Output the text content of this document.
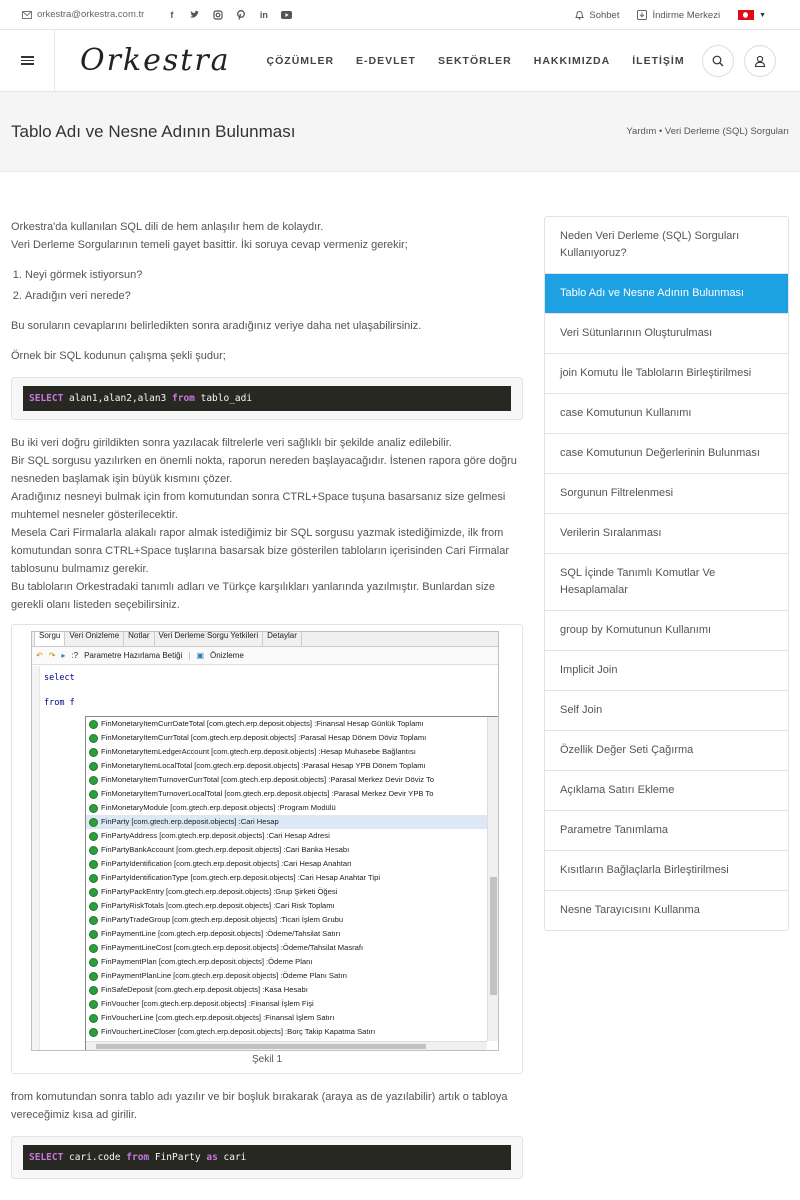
orkestra@orkestra.com.tr	f	in	Sohbet	İndirme Merkezi	▼
Orkestra	ÇÖZÜMLER E-DEVLET SEKTÖRLER HAKKIMIZDA İLETİŞİM
Tablo Adı ve Nesne Adının Bulunması	Yardım • Veri Derleme (SQL) Sorguları

Orkestra'da kullanılan SQL dili de hem anlaşılır hem de kolaydır.
Veri Derleme Sorgularının temeli gayet basittir. İki soruya cevap vermeniz gerekir;

1. Neyi görmek istiyorsun?
2. Aradığın veri nerede?

Bu soruların cevaplarını belirledikten sonra aradığınız veriye daha net ulaşabilirsiniz.

Örnek bir SQL kodunun çalışma şekli şudur;

SELECT alan1,alan2,alan3 from tablo_adi

Bu iki veri doğru girildikten sonra yazılacak filtrelerle veri sağlıklı bir şekilde analiz edilebilir.
Bir SQL sorgusu yazılırken en önemli nokta, raporun nereden başlayacağıdır. İstenen rapora göre doğru nesneden başlamak işin büyük kısmını çözer.
Aradığınız nesneyi bulmak için from komutundan sonra CTRL+Space tuşuna basarsanız size gelmesi muhtemel nesneler gösterilecektir.
Mesela Cari Firmalarla alakalı rapor almak istediğimiz bir SQL sorgusu yazmak istediğimizde, ilk from komutundan sonra CTRL+Space tuşlarına basarsak bize gösterilen tabloların içerisinden Cari Firmalar tablosunu bulmamız gerekir.
Bu tabloların Orkestradaki tanımlı adları ve Türkçe karşılıkları yanlarında yazılmıştır. Bunlardan size gerekli olanı listeden seçebilirsiniz.

Sorgu	Veri Önizleme	Notlar	Veri Derleme Sorgu Yetkileri	Detaylar
↶ ↷ ▸ :? Parametre Hazırlama Betiği | ▣ Önizleme
select
from f
FinMonetaryItemCurrDateTotal [com.gtech.erp.deposit.objects] :Finansal Hesap Günlük Toplamı
FinMonetaryItemCurrTotal [com.gtech.erp.deposit.objects] :Parasal Hesap Dönem Döviz Toplamı
FinMonetaryItemLedgerAccount [com.gtech.erp.deposit.objects] :Hesap Muhasebe Bağlantısı
FinMonetaryItemLocalTotal [com.gtech.erp.deposit.objects] :Parasal Hesap YPB Dönem Toplamı
FinMonetaryItemTurnoverCurrTotal [com.gtech.erp.deposit.objects] :Parasal Merkez Devir Döviz To
FinMonetaryItemTurnoverLocalTotal [com.gtech.erp.deposit.objects] :Parasal Merkez Devir YPB To
FinMonetaryModule [com.gtech.erp.deposit.objects] :Program Modülü
FinParty [com.gtech.erp.deposit.objects] :Cari Hesap
FinPartyAddress [com.gtech.erp.deposit.objects] :Cari Hesap Adresi
FinPartyBankAccount [com.gtech.erp.deposit.objects] :Cari Banka Hesabı
FinPartyIdentification [com.gtech.erp.deposit.objects] :Cari Hesap Anahtarı
FinPartyIdentificationType [com.gtech.erp.deposit.objects] :Cari Hesap Anahtar Tipi
FinPartyPackEntry [com.gtech.erp.deposit.objects] :Grup Şirketi Öğesi
FinPartyRiskTotals [com.gtech.erp.deposit.objects] :Cari Risk Toplamı
FinPartyTradeGroup [com.gtech.erp.deposit.objects] :Ticari İşlem Grubu
FinPaymentLine [com.gtech.erp.deposit.objects] :Ödeme/Tahsilat Satırı
FinPaymentLineCost [com.gtech.erp.deposit.objects] :Ödeme/Tahsilat Masrafı
FinPaymentPlan [com.gtech.erp.deposit.objects] :Ödeme Planı
FinPaymentPlanLine [com.gtech.erp.deposit.objects] :Ödeme Planı Satırı
FinSafeDeposit [com.gtech.erp.deposit.objects] :Kasa Hesabı
FinVoucher [com.gtech.erp.deposit.objects] :Finansal İşlem Fişi
FinVoucherLine [com.gtech.erp.deposit.objects] :Finansal İşlem Satırı
FinVoucherLineCloser [com.gtech.erp.deposit.objects] :Borç Takip Kapatma Satırı
Şekil 1

from komutundan sonra tablo adı yazılır ve bir boşluk bırakarak (araya as de yazılabilir) artık o tabloya vereceğimiz kısa ad girilir.

SELECT cari.code from FinParty as cari
Neden Veri Derleme (SQL) Sorguları Kullanıyoruz?
Tablo Adı ve Nesne Adının Bulunması
Veri Sütunlarının Oluşturulması
join Komutu İle Tabloların Birleştirilmesi
case Komutunun Kullanımı
case Komutunun Değerlerinin Bulunması
Sorgunun Filtrelenmesi
Verilerin Sıralanması
SQL İçinde Tanımlı Komutlar Ve Hesaplamalar
group by Komutunun Kullanımı
Implicit Join
Self Join
Özellik Değer Seti Çağırma
Açıklama Satırı Ekleme
Parametre Tanımlama
Kısıtların Bağlaçlarla Birleştirilmesi
Nesne Tarayıcısını Kullanma
